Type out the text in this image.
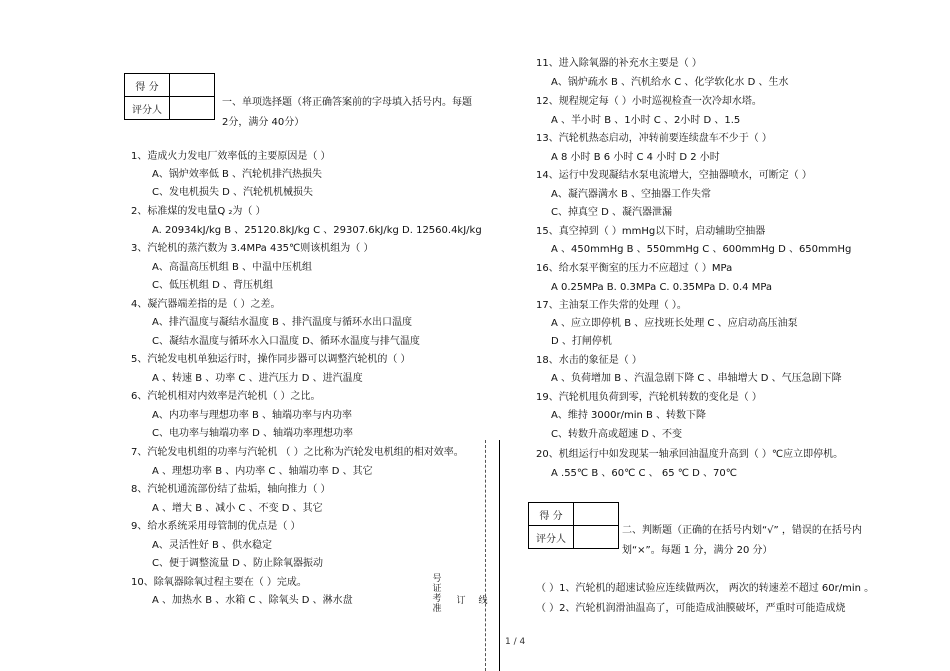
得 分	
评分人	
一、单项选择题（将正确答案前的字母填入括号内。每题
2分，满分 40分）
1、造成火力发电厂效率低的主要原因是（ ）
A、锅炉效率低 B 、汽轮机排汽热损失
C、发电机损失 D 、汽轮机机械损失
2、标准煤的发电量Q ₂为（ ）
A. 20934kJ/kg B 、25120.8kJ/kg C 、29307.6kJ/kg D. 12560.4kJ/kg
3、汽轮机的蒸汽数为 3.4MPa 435℃则该机组为（ ）
A、高温高压机组 B 、中温中压机组
C、低压机组 D 、背压机组
4、凝汽器端差指的是（ ）之差。
A、排汽温度与凝结水温度 B 、排汽温度与循环水出口温度
C、凝结水温度与循环水入口温度 D、循环水温度与排气温度
5、汽轮发电机单独运行时，操作同步器可以调整汽轮机的（ ）
A 、转速 B 、功率 C 、进汽压力 D 、进汽温度
6、汽轮机相对内效率是汽轮机（ ）之比。
A、内功率与理想功率 B 、轴端功率与内功率
C、电功率与轴端功率 D 、轴端功率理想功率
7、汽轮发电机组的功率与汽轮机 （ ）之比称为汽轮发电机组的相对效率。
A 、理想功率 B 、内功率 C 、轴端功率 D 、其它
8、汽轮机通流部份结了盐垢，轴向推力（ ）
A 、增大 B 、减小 C 、不变 D 、其它
9、给水系统采用母管制的优点是（ ）
A、灵活性好 B 、供水稳定
C、便于调整流量 D 、防止除氧器振动
10、除氧器除氧过程主要在（ ）完成。
A 、加热水 B 、水箱 C 、除氧头 D 、淋水盘
11、进入除氧器的补充水主要是（ ）
A、锅炉疏水 B 、汽机给水 C 、化学软化水 D 、生水
12、规程规定每（ ）小时巡视检查一次冷却水塔。
A 、半小时 B 、1小时 C 、2小时 D 、1.5
13、汽轮机热态启动，冲转前要连续盘车不少于（ ）
A 8 小时 B 6 小时 C 4 小时 D 2 小时
14、运行中发现凝结水泵电流增大，空抽器喷水，可断定（ ）
A、凝汽器满水 B 、空抽器工作失常
C、掉真空 D 、凝汽器泄漏
15、真空掉到（ ）mmHg以下时，启动辅助空抽器
A 、450mmHg B 、550mmHg C 、600mmHg D 、650mmHg
16、给水泵平衡室的压力不应超过（ ）MPa
A 0.25MPa B. 0.3MPa C. 0.35MPa D. 0.4 MPa
17、主油泵工作失常的处理（ ）。
A 、应立即停机 B 、应找班长处理 C 、应启动高压油泵
D 、打闸停机
18、水击的象征是（ ）
A 、负荷增加 B 、汽温急剧下降 C 、串轴增大 D 、气压急剧下降
19、汽轮机甩负荷到零，汽轮机转数的变化是（ ）
A、维持 3000r/min B 、转数下降
C、转数升高或超速 D 、不变
20、机组运行中如发现某一轴承回油温度升高到（ ）℃应立即停机。
A .55℃ B 、60℃ C 、 65 ℃ D 、70℃
得 分	
评分人	
二、判断题（正确的在括号内划“√” ，错误的在括号内
划“×”。每题 1 分，满分 20 分）
（ ）1、汽轮机的超速试验应连续做两次， 两次的转速差不超过 60r/min 。
（ ）2、汽轮机润滑油温高了，可能造成油膜破坏，严重时可能造成烧
号
证
考
准
线
订
1 / 4
